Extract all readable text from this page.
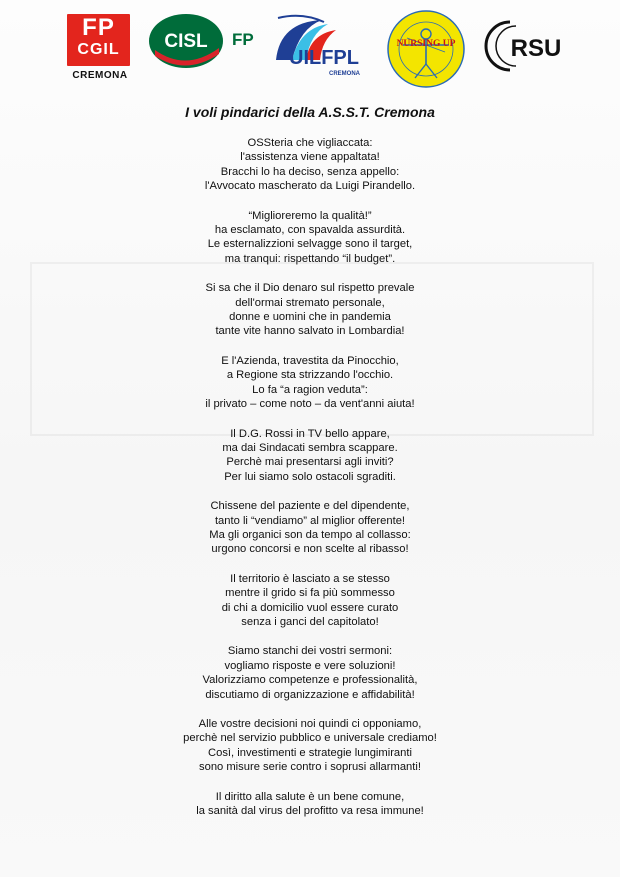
FP
CGIL
CREMONA
CISL FP
UILFPL
CREMONA
NURSING UP RSU
I voli pindarici della A.S.S.T. Cremona
OSSteria che vigliaccata:
l'assistenza viene appaltata!
Bracchi lo ha deciso, senza appello:
l'Avvocato mascherato da Luigi Pirandello.
“Miglioreremo la qualità!”
ha esclamato, con spavalda assurdità.
Le esternalizzioni selvagge sono il target,
ma tranqui: rispettando “il budget”.
Si sa che il Dio denaro sul rispetto prevale
dell'ormai stremato personale,
donne e uomini che in pandemia
tante vite hanno salvato in Lombardia!
E l'Azienda, travestita da Pinocchio,
a Regione sta strizzando l'occhio.
Lo fa “a ragion veduta”:
il privato – come noto – da vent'anni aiuta!
Il D.G. Rossi in TV bello appare,
ma dai Sindacati sembra scappare.
Perchè mai presentarsi agli inviti?
Per lui siamo solo ostacoli sgraditi.
Chissene del paziente e del dipendente,
tanto li “vendiamo” al miglior offerente!
Ma gli organici son da tempo al collasso:
urgono concorsi e non scelte al ribasso!
Il territorio è lasciato a se stesso
mentre il grido si fa più sommesso
di chi a domicilio vuol essere curato
senza i ganci del capitolato!
Siamo stanchi dei vostri sermoni:
vogliamo risposte e vere soluzioni!
Valorizziamo competenze e professionalità,
discutiamo di organizzazione e affidabilità!
Alle vostre decisioni noi quindi ci opponiamo,
perchè nel servizio pubblico e universale crediamo!
Così, investimenti e strategie lungimiranti
sono misure serie contro i soprusi allarmanti!
Il diritto alla salute è un bene comune,
la sanità dal virus del profitto va resa immune!
